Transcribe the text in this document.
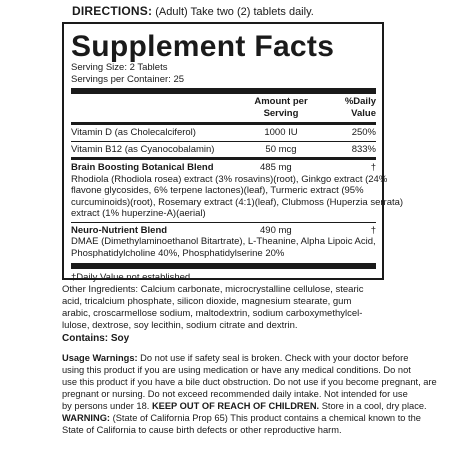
DIRECTIONS: (Adult) Take two (2) tablets daily.
Supplement Facts
Serving Size: 2 Tablets
Servings per Container: 25
Amount per
Serving
%Daily
Value
Vitamin D (as Cholecalciferol)	1000 IU	250%
Vitamin B12 (as Cyanocobalamin)	50 mcg	833%
Brain Boosting Botanical Blend	485 mg	†
Rhodiola (Rhodiola rosea) extract (3% rosavins)(root), Ginkgo extract (24%
flavone glycosides, 6% terpene lactones)(leaf), Turmeric extract (95%
curcuminoids)(root), Rosemary extract (4:1)(leaf), Clubmoss (Huperzia serrata)
extract (1% huperzine-A)(aerial)
Neuro-Nutrient Blend	490 mg	†
DMAE (Dimethylaminoethanol Bitartrate), L-Theanine, Alpha Lipoic Acid,
Phosphatidylcholine 40%, Phosphatidylserine 20%
†Daily Value not established
Other Ingredients: Calcium carbonate, microcrystalline cellulose, stearic
acid, tricalcium phosphate, silicon dioxide, magnesium stearate, gum
arabic, croscarmellose sodium, maltodextrin, sodium carboxymethylcel-
lulose, dextrose, soy lecithin, sodium citrate and dextrin.
Contains: Soy
Usage Warnings: Do not use if safety seal is broken. Check with your doctor before
using this product if you are using medication or have any medical conditions. Do not
use this product if you have a bile duct obstruction. Do not use if you become pregnant, are
pregnant or nursing. Do not exceed recommended daily intake. Not intended for use
by persons under 18. KEEP OUT OF REACH OF CHILDREN. Store in a cool, dry place.
WARNING: (State of California Prop 65) This product contains a chemical known to the
State of California to cause birth defects or other reproductive harm.
